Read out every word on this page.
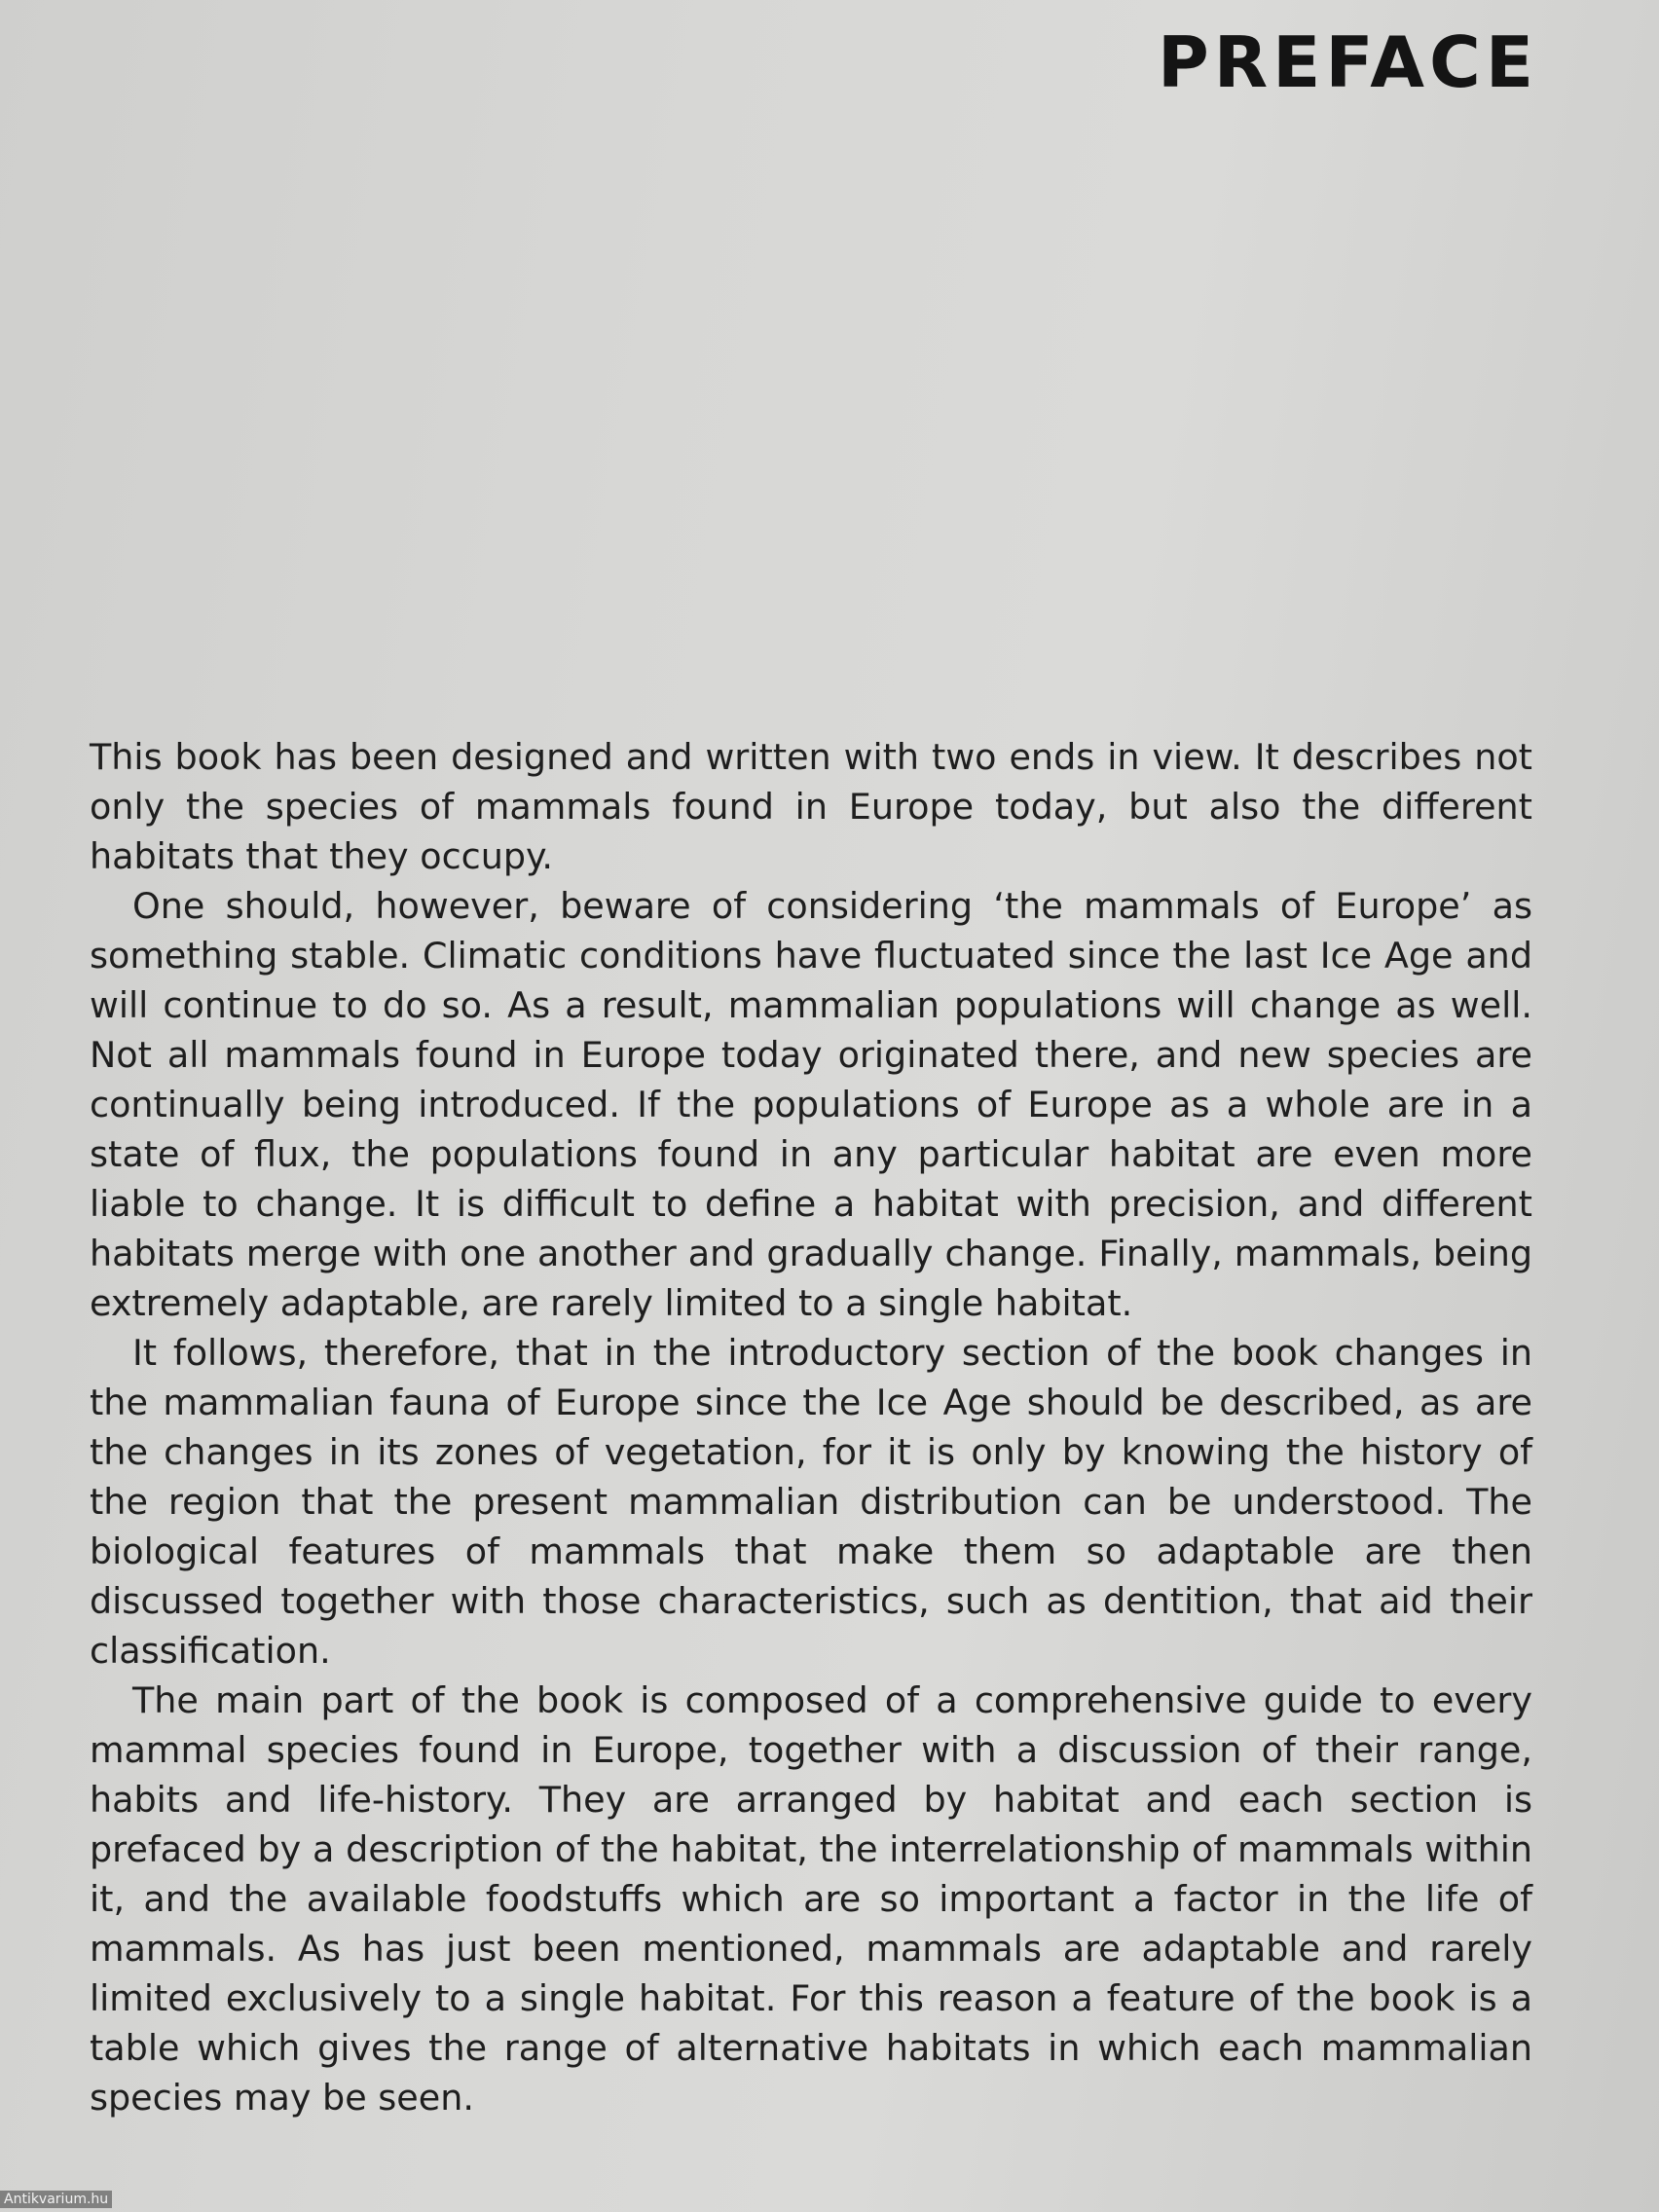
PREFACE

This book has been designed and written with two ends in view. It describes not only the species of mammals found in Europe today, but also the different habitats that they occupy.

One should, however, beware of considering ‘the mammals of Europe’ as something stable. Climatic conditions have fluctuated since the last Ice Age and will continue to do so. As a result, mammalian populations will change as well. Not all mammals found in Europe today originated there, and new species are continually being introduced. If the populations of Europe as a whole are in a state of flux, the populations found in any particular habitat are even more liable to change. It is difficult to define a habitat with precision, and different habitats merge with one another and gradually change. Finally, mammals, being extremely adaptable, are rarely limited to a single habitat.

It follows, therefore, that in the introductory section of the book changes in the mammalian fauna of Europe since the Ice Age should be described, as are the changes in its zones of vegetation, for it is only by knowing the history of the region that the present mammalian distribution can be understood. The biological features of mammals that make them so adaptable are then discussed together with those characteristics, such as dentition, that aid their classification.

The main part of the book is composed of a comprehensive guide to every mammal species found in Europe, together with a discussion of their range, habits and life-history. They are arranged by habitat and each section is prefaced by a description of the habitat, the interrelationship of mammals within it, and the available foodstuffs which are so important a factor in the life of mammals. As has just been mentioned, mammals are adaptable and rarely limited exclusively to a single habitat. For this reason a feature of the book is a table which gives the range of alternative habitats in which each mammalian species may be seen.

Antikvarium.hu
